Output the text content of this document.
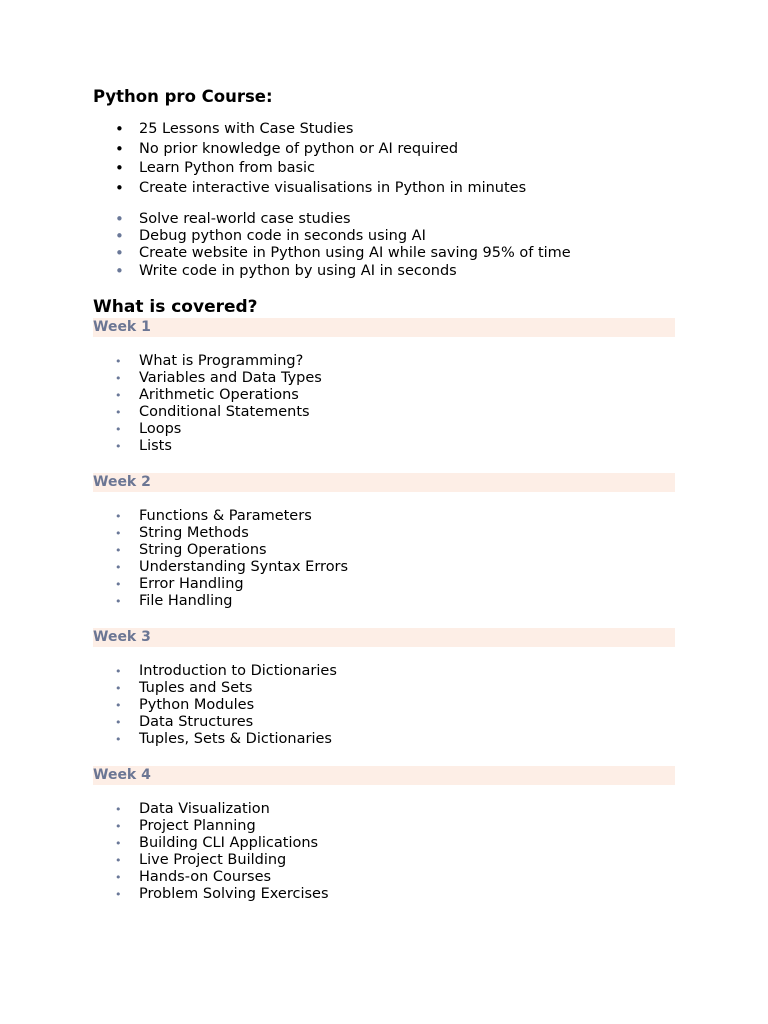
Python pro Course:
• 25 Lessons with Case Studies
• No prior knowledge of python or AI required
• Learn Python from basic
• Create interactive visualisations in Python in minutes
• Solve real-world case studies
• Debug python code in seconds using AI
• Create website in Python using AI while saving 95% of time
• Write code in python by using AI in seconds
What is covered?
Week 1
• What is Programming?
• Variables and Data Types
• Arithmetic Operations
• Conditional Statements
• Loops
• Lists
Week 2
• Functions & Parameters
• String Methods
• String Operations
• Understanding Syntax Errors
• Error Handling
• File Handling
Week 3
• Introduction to Dictionaries
• Tuples and Sets
• Python Modules
• Data Structures
• Tuples, Sets & Dictionaries
Week 4
• Data Visualization
• Project Planning
• Building CLI Applications
• Live Project Building
• Hands-on Courses
• Problem Solving Exercises
